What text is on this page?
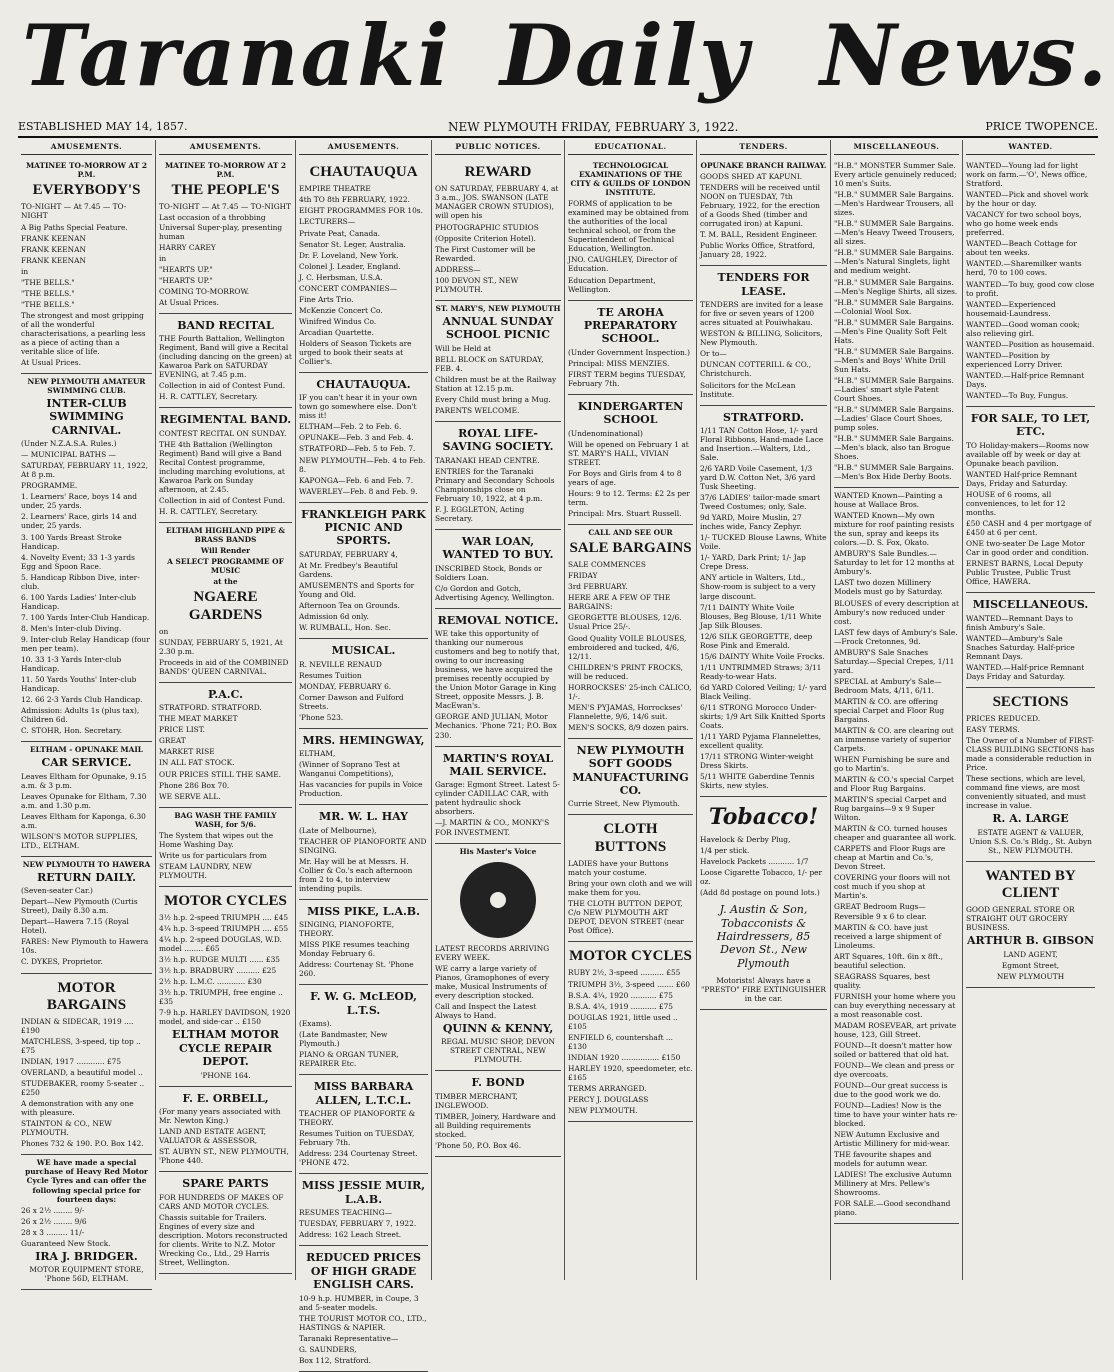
Taranaki Daily News.
ESTABLISHED MAY 14, 1857.	NEW PLYMOUTH FRIDAY, FEBRUARY 3, 1922.	PRICE TWOPENCE.
AMUSEMENTS.

MATINEE TO-MORROW AT 2 P.M.

EVERYBODY'S

TO-NIGHT — At 7.45 — TO-NIGHT

A Big Paths Special Feature.

FRANK KEENAN

FRANK KEENAN

FRANK KEENAN

in

"THE BELLS."

"THE BELLS."

"THE BELLS."

The strongest and most gripping of all the wonderful characterisations, a pearling less as a piece of acting than a veritable slice of life.

At Usual Prices.

NEW PLYMOUTH AMATEUR SWIMMING CLUB.

INTER-CLUB SWIMMING CARNIVAL.

(Under N.Z.A.S.A. Rules.)

— MUNICIPAL BATHS —

SATURDAY, FEBRUARY 11, 1922, At 8 p.m.

PROGRAMME.

1. Learners' Race, boys 14 and under, 25 yards.

2. Learners' Race, girls 14 and under, 25 yards.

3. 100 Yards Breast Stroke Handicap.

4. Novelty Event; 33 1-3 yards Egg and Spoon Race.

5. Handicap Ribbon Dive, inter-club.

6. 100 Yards Ladies' Inter-club Handicap.

7. 100 Yards Inter-Club Handicap.

8. Men's Inter-club Diving.

9. Inter-club Relay Handicap (four men per team).

10. 33 1-3 Yards Inter-club Handicap.

11. 50 Yards Youths' Inter-club Handicap.

12. 66 2-3 Yards Club Handicap.

Admission: Adults 1s (plus tax), Children 6d.

C. STOHR, Hon. Secretary.

ELTHAM - OPUNAKE MAIL

CAR SERVICE.

Leaves Eltham for Opunake, 9.15 a.m. & 3 p.m.

Leaves Opunake for Eltham, 7.30 a.m. and 1.30 p.m.

Leaves Eltham for Kaponga, 6.30 a.m.

WILSON'S MOTOR SUPPLIES, LTD., ELTHAM.

NEW PLYMOUTH TO HAWERA

RETURN DAILY.

(Seven-seater Car.)

Depart—New Plymouth (Curtis Street), Daily 8.30 a.m.

Depart—Hawera 7.15 (Royal Hotel).

FARES: New Plymouth to Hawera 10s.

C. DYKES, Proprietor.

MOTOR BARGAINS

INDIAN & SIDECAR, 1919 .... £190

MATCHLESS, 3-speed, tip top .. £75

INDIAN, 1917 ............ £75

OVERLAND, a beautiful model ..

STUDEBAKER, roomy 5-seater .. £250

A demonstration with any one with pleasure.

STAINTON & CO., NEW PLYMOUTH.

Phones 732 & 190. P.O. Box 142.

WE have made a special purchase of Heavy Red Motor Cycle Tyres and can offer the following special price for fourteen days:

26 x 2½ ........ 9/-

26 x 2½ ........ 9/6

28 x 3 ......... 11/-

Guaranteed New Stock.

IRA J. BRIDGER.

MOTOR EQUIPMENT STORE, 'Phone 56D, ELTHAM.

AMUSEMENTS.

MATINEE TO-MORROW AT 2 P.M.

THE PEOPLE'S

TO-NIGHT — At 7.45 — TO-NIGHT

Last occasion of a throbbing Universal Super-play, presenting human

HARRY CAREY

in

"HEARTS UP."

"HEARTS UP."

COMING TO-MORROW.

At Usual Prices.

BAND RECITAL

THE Fourth Battalion, Wellington Regiment, Band will give a Recital (including dancing on the green) at Kawaroa Park on SATURDAY EVENING, at 7.45 p.m.

Collection in aid of Contest Fund.

H. R. CATTLEY, Secretary.

REGIMENTAL BAND.

CONTEST RECITAL ON SUNDAY.

THE 4th Battalion (Wellington Regiment) Band will give a Band Recital Contest programme, including marching evolutions, at Kawaroa Park on Sunday afternoon, at 2.45.

Collection in aid of Contest Fund.

H. R. CATTLEY, Secretary.

ELTHAM HIGHLAND PIPE & BRASS BANDS

Will Render

A SELECT PROGRAMME OF MUSIC

at the

NGAERE GARDENS

on

SUNDAY, FEBRUARY 5, 1921, At 2.30 p.m.

Proceeds in aid of the COMBINED BANDS' QUEEN CARNIVAL.

P.A.C.

STRATFORD. STRATFORD.

THE MEAT MARKET

PRICE LIST.

GREAT

MARKET RISE

IN ALL FAT STOCK.

OUR PRICES STILL THE SAME.

Phone 286 Box 70.

WE SERVE ALL.

BAG WASH THE FAMILY WASH, for 5/6.

The System that wipes out the Home Washing Day.

Write us for particulars from

STEAM LAUNDRY, NEW PLYMOUTH.

MOTOR CYCLES

3½ h.p. 2-speed TRIUMPH .... £45

4¼ h.p. 3-speed TRIUMPH .... £55

4¼ h.p. 2-speed DOUGLAS, W.D. model ........ £65

3½ h.p. RUDGE MULTI ...... £35

3½ h.p. BRADBURY .......... £25

2½ h.p. L.M.C. ............ £30

3½ h.p. TRIUMPH, free engine .. £35

7-9 h.p. HARLEY DAVIDSON, 1920 model, and side-car .. £150

ELTHAM MOTOR CYCLE REPAIR DEPOT.

'PHONE 164.

F. E. ORBELL,

(For many years associated with Mr. Newton King.)

LAND AND ESTATE AGENT, VALUATOR & ASSESSOR,

ST. AUBYN ST., NEW PLYMOUTH, 'Phone 440.

SPARE PARTS

FOR HUNDREDS OF MAKES OF CARS AND MOTOR CYCLES.

Chassis suitable for Trailers. Engines of every size and description. Motors reconstructed for clients. Write to N.Z. Motor Wrecking Co., Ltd., 29 Harris Street, Wellington.

AMUSEMENTS.
CHAUTAUQUA

EMPIRE THEATRE

4th TO 8th FEBRUARY, 1922.

EIGHT PROGRAMMES FOR 10s.

LECTURERS—

Private Peat, Canada.

Senator St. Leger, Australia.

Dr. F. Loveland, New York.

Colonel J. Leader, England.

J. C. Herbsman, U.S.A.

CONCERT COMPANIES—

Fine Arts Trio.

McKenzie Concert Co.

Winifred Windus Co.

Arcadian Quartette.

Holders of Season Tickets are urged to book their seats at Collier's.

CHAUTAUQUA.

IF you can't hear it in your own town go somewhere else. Don't miss it!

ELTHAM—Feb. 2 to Feb. 6.

OPUNAKE—Feb. 3 and Feb. 4.

STRATFORD—Feb. 5 to Feb. 7.

NEW PLYMOUTH—Feb. 4 to Feb. 8.

KAPONGA—Feb. 6 and Feb. 7.

WAVERLEY—Feb. 8 and Feb. 9.

FRANKLEIGH PARK PICNIC AND SPORTS.

SATURDAY, FEBRUARY 4,

At Mr. Fredbey's Beautiful Gardens.

AMUSEMENTS and Sports for Young and Old.

Afternoon Tea on Grounds.

Admission 6d only.

W. RUMBALL, Hon. Sec.

MUSICAL.

R. NEVILLE RENAUD

Resumes Tuition

MONDAY, FEBRUARY 6.

Corner Dawson and Fulford Streets.

'Phone 523.

MRS. HEMINGWAY,

ELTHAM,

(Winner of Soprano Test at Wanganui Competitions),

Has vacancies for pupils in Voice Production.

MR. W. L. HAY

(Late of Melbourne),

TEACHER OF PIANOFORTE AND SINGING.

Mr. Hay will be at Messrs. H. Collier & Co.'s each afternoon from 2 to 4, to interview intending pupils.

MISS PIKE, L.A.B.

SINGING, PIANOFORTE, THEORY.

MISS PIKE resumes teaching Monday February 6.

Address: Courtenay St. 'Phone 260.

F. W. G. McLEOD, L.T.S.

(Exams).

(Late Bandmaster, New Plymouth.)

PIANO & ORGAN TUNER, REPAIRER Etc.

MISS BARBARA ALLEN, L.T.C.L.

TEACHER OF PIANOFORTE & THEORY.

Resumes Tuition on TUESDAY, February 7th.

Address: 234 Courtenay Street. 'PHONE 472.

MISS JESSIE MUIR, L.A.B.

RESUMES TEACHING—

TUESDAY, FEBRUARY 7, 1922.

Address: 162 Leach Street.

REDUCED PRICES OF HIGH GRADE ENGLISH CARS.

10-9 h.p. HUMBER, in Coupe, 3 and 5-seater models.

THE TOURIST MOTOR CO., LTD., HASTINGS & NAPIER.

Taranaki Representative—

G. SAUNDERS,

Box 112, Stratford.

PUBLIC NOTICES.
REWARD

ON SATURDAY, FEBRUARY 4, at 3 a.m., JOS. SWANSON (LATE MANAGER CROWN STUDIOS), will open his

PHOTOGRAPHIC STUDIOS

(Opposite Criterion Hotel).

The First Customer will be Rewarded.

ADDRESS—

100 DEVON ST., NEW PLYMOUTH.

ST. MARY'S, NEW PLYMOUTH

ANNUAL SUNDAY SCHOOL PICNIC

Will be Held at

BELL BLOCK on SATURDAY, FEB. 4.

Children must be at the Railway Station at 12.15 p.m.

Every Child must bring a Mug.

PARENTS WELCOME.

ROYAL LIFE-SAVING SOCIETY.

TARANAKI HEAD CENTRE.

ENTRIES for the Taranaki Primary and Secondary Schools Championships close on February 10, 1922, at 4 p.m.

F. J. EGGLETON, Acting Secretary.

WAR LOAN, WANTED TO BUY.

INSCRIBED Stock, Bonds or Soldiers Loan.

C/o Gordon and Gotch, Advertising Agency, Wellington.

REMOVAL NOTICE.

WE take this opportunity of thanking our numerous customers and beg to notify that, owing to our increasing business, we have acquired the premises recently occupied by the Union Motor Garage in King Street, opposite Messrs. J. B. MacEwan's.

GEORGE AND JULIAN, Motor Mechanics. 'Phone 721; P.O. Box 230.

MARTIN'S ROYAL MAIL SERVICE.

Garage: Egmont Street. Latest 5-cylinder CADILLAC CAR, with patent hydraulic shock absorbers.

—J. MARTIN & CO., MONKY'S FOR INVESTMENT.

His Master's Voice

LATEST RECORDS ARRIVING EVERY WEEK.

WE carry a large variety of Pianos, Gramophones of every make, Musical Instruments of every description stocked.

Call and Inspect the Latest Always to Hand.

QUINN & KENNY,

REGAL MUSIC SHOP, DEVON STREET CENTRAL, NEW PLYMOUTH.

F. BOND

TIMBER MERCHANT, INGLEWOOD.

TIMBER, Joinery, Hardware and all Building requirements stocked.

'Phone 50, P.O. Box 46.

EDUCATIONAL.

TECHNOLOGICAL EXAMINATIONS OF THE CITY & GUILDS OF LONDON INSTITUTE.

FORMS of application to be examined may be obtained from the authorities of the local technical school, or from the Superintendent of Technical Education, Wellington.

JNO. CAUGHLEY, Director of Education.

Education Department, Wellington.

TE AROHA PREPARATORY SCHOOL.

(Under Government Inspection.)

Principal: MISS MENZIES.

FIRST TERM begins TUESDAY, February 7th.

KINDERGARTEN SCHOOL

(Undenominational)

Will be opened on February 1 at ST. MARY'S HALL, VIVIAN STREET.

For Boys and Girls from 4 to 8 years of age.

Hours: 9 to 12. Terms: £2 2s per term.

Principal: Mrs. Stuart Russell.

CALL AND SEE OUR

SALE BARGAINS

SALE COMMENCES

FRIDAY

3rd FEBRUARY.

HERE ARE A FEW OF THE BARGAINS:

GEORGETTE BLOUSES, 12/6. Usual Price 25/-.

Good Quality VOILE BLOUSES, embroidered and tucked, 4/6, 12/11.

CHILDREN'S PRINT FROCKS, will be reduced.

HORROCKSES' 25-inch CALICO, 1/-.

MEN'S PYJAMAS, Horrockses' Flannelette, 9/6, 14/6 suit.

MEN'S SOCKS, 8/9 dozen pairs.

NEW PLYMOUTH SOFT GOODS MANUFACTURING CO.

Currie Street, New Plymouth.

CLOTH BUTTONS

LADIES have your Buttons match your costume.

Bring your own cloth and we will make them for you.

THE CLOTH BUTTON DEPOT, C/o NEW PLYMOUTH ART DEPOT, DEVON STREET (near Post Office).

MOTOR CYCLES

RUBY 2½, 3-speed .......... £55

TRIUMPH 3½, 3-speed ....... £60

B.S.A. 4¼, 1920 ........... £75

B.S.A. 4¼, 1919 ........... £75

DOUGLAS 1921, little used .. £105

ENFIELD 6, countershaft ... £130

INDIAN 1920 ................ £150

HARLEY 1920, speedometer, etc. £165

TERMS ARRANGED.

PERCY J. DOUGLASS

NEW PLYMOUTH.

TENDERS.

OPUNAKE BRANCH RAILWAY.

GOODS SHED AT KAPUNI.

TENDERS will be received until NOON on TUESDAY, 7th February, 1922, for the erection of a Goods Shed (timber and corrugated iron) at Kapuni.

T. M. BALL, Resident Engineer.

Public Works Office, Stratford, January 28, 1922.

TENDERS FOR LEASE.

TENDERS are invited for a lease for five or seven years of 1200 acres situated at Pouiwhakau.

WESTON & BILLING, Solicitors, New Plymouth.

Or to—

DUNCAN COTTERILL & CO., Christchurch.

Solicitors for the McLean Institute.

STRATFORD.

1/11 TAN Cotton Hose, 1/- yard Floral Ribbons, Hand-made Lace and Insertion.—Walters, Ltd., Sale.

2/6 YARD Voile Casement, 1/3 yard D.W. Cotton Net, 3/6 yard Tusk Sheeting.

37/6 LADIES' tailor-made smart Tweed Costumes; only, Sale.

9d YARD, Moire Muslin, 27 inches wide, Fancy Zephyr.

1/- TUCKED Blouse Lawns, White Voile.

1/- YARD, Dark Print; 1/- Jap Crepe Dress.

ANY article in Walters, Ltd., Show-room is subject to a very large discount.

7/11 DAINTY White Voile Blouses, Beg Blouse, 1/11 White Jap Silk Blouses.

12/6 SILK GEORGETTE, deep Rose Pink and Emerald.

15/6 DAINTY White Voile Frocks.

1/11 UNTRIMMED Straws; 3/11 Ready-to-wear Hats.

6d YARD Colored Veiling; 1/- yard Black Veiling.

6/11 STRONG Morocco Under-skirts; 1/9 Art Silk Knitted Sports Coats.

1/11 YARD Pyjama Flannelettes, excellent quality.

17/11 STRONG Winter-weight Dress Skirts.

5/11 WHITE Gaberdine Tennis Skirts, new styles.

Tobacco!

Havelock & Derby Plug,

1/4 per stick.

Havelock Packets ........... 1/7

Loose Cigarette Tobacco, 1/- per oz.

(Add 8d postage on pound lots.)

J. Austin & Son, Tobacconists & Hairdressers, 85 Devon St., New Plymouth

Motorists! Always have a "PRESTO" FIRE EXTINGUISHER in the car.

MISCELLANEOUS.

"H.B." MONSTER Summer Sale. Every article genuinely reduced; 10 men's Suits.

"H.B." SUMMER Sale Bargains.—Men's Hardwear Trousers, all sizes.

"H.B." SUMMER Sale Bargains.—Men's Heavy Tweed Trousers, all sizes.

"H.B." SUMMER Sale Bargains.—Men's Natural Singlets, light and medium weight.

"H.B." SUMMER Sale Bargains.—Men's Neglige Shirts, all sizes.

"H.B." SUMMER Sale Bargains.—Colonial Wool Sox.

"H.B." SUMMER Sale Bargains.—Men's Fine Quality Soft Felt Hats.

"H.B." SUMMER Sale Bargains.—Men's and Boys' White Drill Sun Hats.

"H.B." SUMMER Sale Bargains.—Ladies' smart style Patent Court Shoes.

"H.B." SUMMER Sale Bargains.—Ladies' Glace Court Shoes, pump soles.

"H.B." SUMMER Sale Bargains.—Men's black, also tan Brogue Shoes.

"H.B." SUMMER Sale Bargains.—Men's Box Hide Derby Boots.

WANTED Known—Painting a house at Wallace Bros.

WANTED Known—My own mixture for roof painting resists the sun, spray and keeps its colors.—D. S. Fox, Okato.

AMBURY'S Sale Bundles.—Saturday to let for 12 months at Ambury's.

LAST two dozen Millinery Models must go by Saturday.

BLOUSES of every description at Ambury's now reduced under cost.

LAST few days of Ambury's Sale.—Frock Cretonnes, 9d.

AMBURY'S Sale Snaches Saturday.—Special Crepes, 1/11 yard.

SPECIAL at Ambury's Sale—Bedroom Mats, 4/11, 6/11.

MARTIN & CO. are offering special Carpet and Floor Rug Bargains.

MARTIN & CO. are clearing out an immense variety of superior Carpets.

WHEN Furnishing be sure and go to Martin's.

MARTIN & CO.'s special Carpet and Floor Rug Bargains.

MARTIN'S special Carpet and Rug bargains—9 x 9 Super Wilton.

MARTIN & CO. turned houses cheaper and guarantee all work.

CARPETS and Floor Rugs are cheap at Martin and Co.'s, Devon Street.

COVERING your floors will not cost much if you shop at Martin's.

GREAT Bedroom Rugs—Reversible 9 x 6 to clear.

MARTIN & CO. have just received a large shipment of Linoleums.

ART Squares, 10ft. 6in x 8ft., beautiful selection.

SEAGRASS Squares, best quality.

FURNISH your home where you can buy everything necessary at a most reasonable cost.

MADAM ROSEVEAR, art private house, 123, Gill Street.

FOUND—It doesn't matter how soiled or battered that old hat.

FOUND—We clean and press or dye overcoats.

FOUND—Our great success is due to the good work we do.

FOUND—Ladies! Now is the time to have your winter hats re-blocked.

NEW Autumn Exclusive and Artistic Millinery for mid-wear.

THE favourite shapes and models for autumn wear.

LADIES! The exclusive Autumn Millinery at Mrs. Pellew's Showrooms.

FOR SALE.—Good secondhand piano.

WANTED.

WANTED—Young lad for light work on farm.—'O', News office, Stratford.

WANTED—Pick and shovel work by the hour or day.

VACANCY for two school boys, who go home week ends preferred.

WANTED—Beach Cottage for about ten weeks.

WANTED.—Sharemilker wants herd, 70 to 100 cows.

WANTED—To buy, good cow close to profit.

WANTED—Experienced housemaid-Laundress.

WANTED—Good woman cook; also relieving girl.

WANTED—Position as housemaid.

WANTED—Position by experienced Lorry Driver.

WANTED.—Half-price Remnant Days.

WANTED—To Buy, Fungus.

FOR SALE, TO LET, ETC.

TO Holiday-makers—Rooms now available off by week or day at Opunake beach pavilion.

WANTED Half-price Remnant Days, Friday and Saturday.

HOUSE of 6 rooms, all conveniences, to let for 12 months.

£50 CASH and 4 per mortgage of £450 at 6 per cent.

ONE two-seater De Lage Motor Car in good order and condition.

ERNEST BARNS, Local Deputy Public Trustee, Public Trust Office, HAWERA.

MISCELLANEOUS.

WANTED—Remnant Days to finish Ambury's Sale.

WANTED—Ambury's Sale Snaches Saturday. Half-price Remnant Days.

WANTED.—Half-price Remnant Days Friday and Saturday.

SECTIONS

PRICES REDUCED.

EASY TERMS.

The Owner of a Number of FIRST-CLASS BUILDING SECTIONS has made a considerable reduction in Price.

These sections, which are level, command fine views, are most conveniently situated, and must increase in value.

R. A. LARGE

ESTATE AGENT & VALUER, Union S.S. Co.'s Bldg., St. Aubyn St., NEW PLYMOUTH.

WANTED BY CLIENT

GOOD GENERAL STORE OR STRAIGHT OUT GROCERY BUSINESS.

ARTHUR B. GIBSON

LAND AGENT,

Egmont Street,

NEW PLYMOUTH
